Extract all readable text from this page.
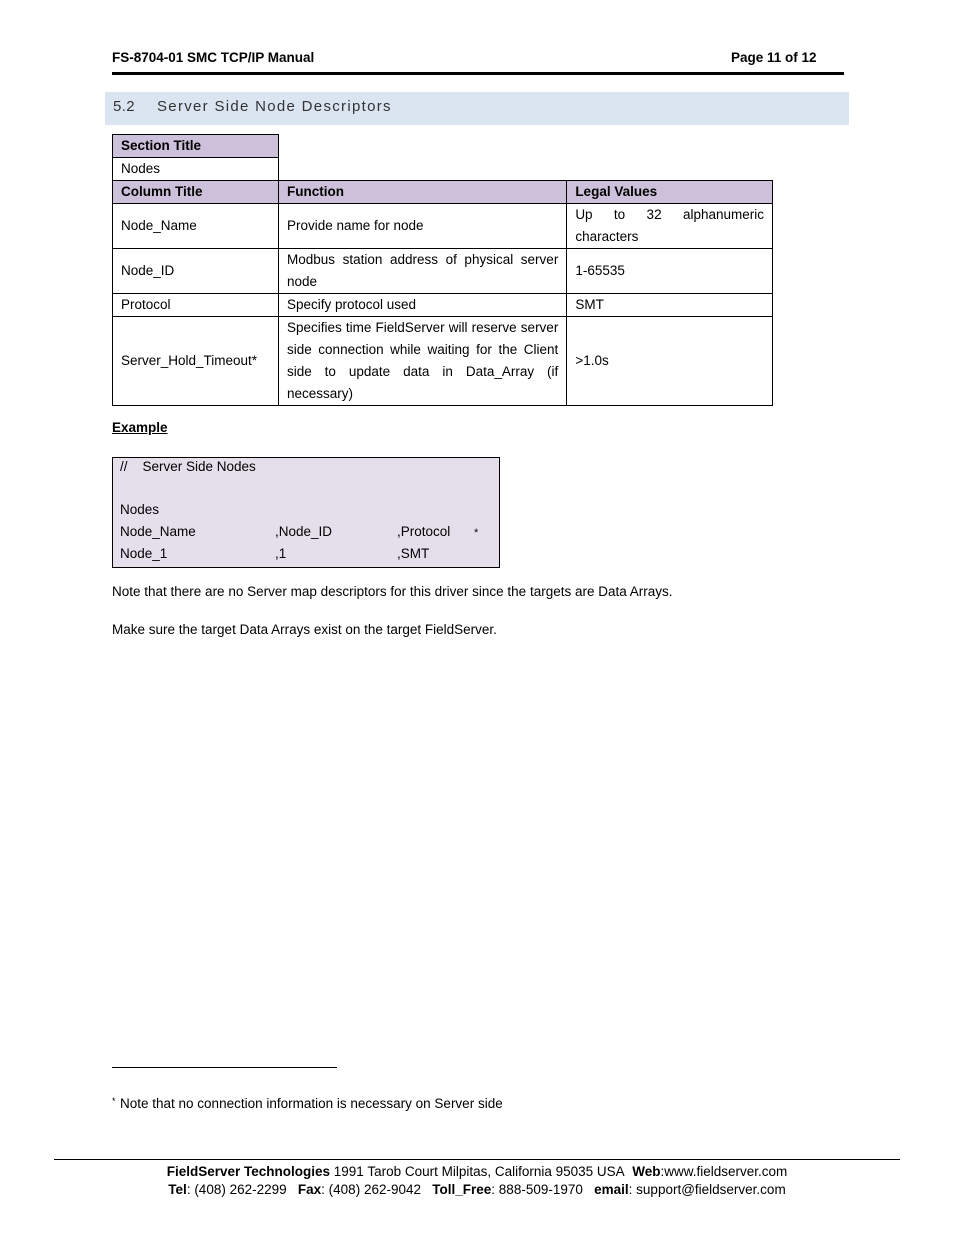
FS-8704-01 SMC TCP/IP Manual	Page 11 of 12
5.2 Server Side Node Descriptors
Section Title
Nodes
Column Title	Function	Legal Values
Node_Name	Provide name for node	Up to 32 alphanumeric characters
Node_ID	Modbus station address of physical server node	1-65535
Protocol	Specify protocol used	SMT
Server_Hold_Timeout*	Specifies time FieldServer will reserve server side connection while waiting for the Client side to update data in Data_Array (if necessary)	>1.0s
Example
//    Server Side Nodes
Nodes
Node_Name	,Node_ID	,Protocol *
Node_1	,1	,SMT
Note that there are no Server map descriptors for this driver since the targets are Data Arrays.
Make sure the target Data Arrays exist on the target FieldServer.
* Note that no connection information is necessary on Server side
FieldServer Technologies 1991 Tarob Court Milpitas, California 95035 USA Web:www.fieldserver.com
Tel: (408) 262-2299 Fax: (408) 262-9042 Toll_Free: 888-509-1970 email: support@fieldserver.com
